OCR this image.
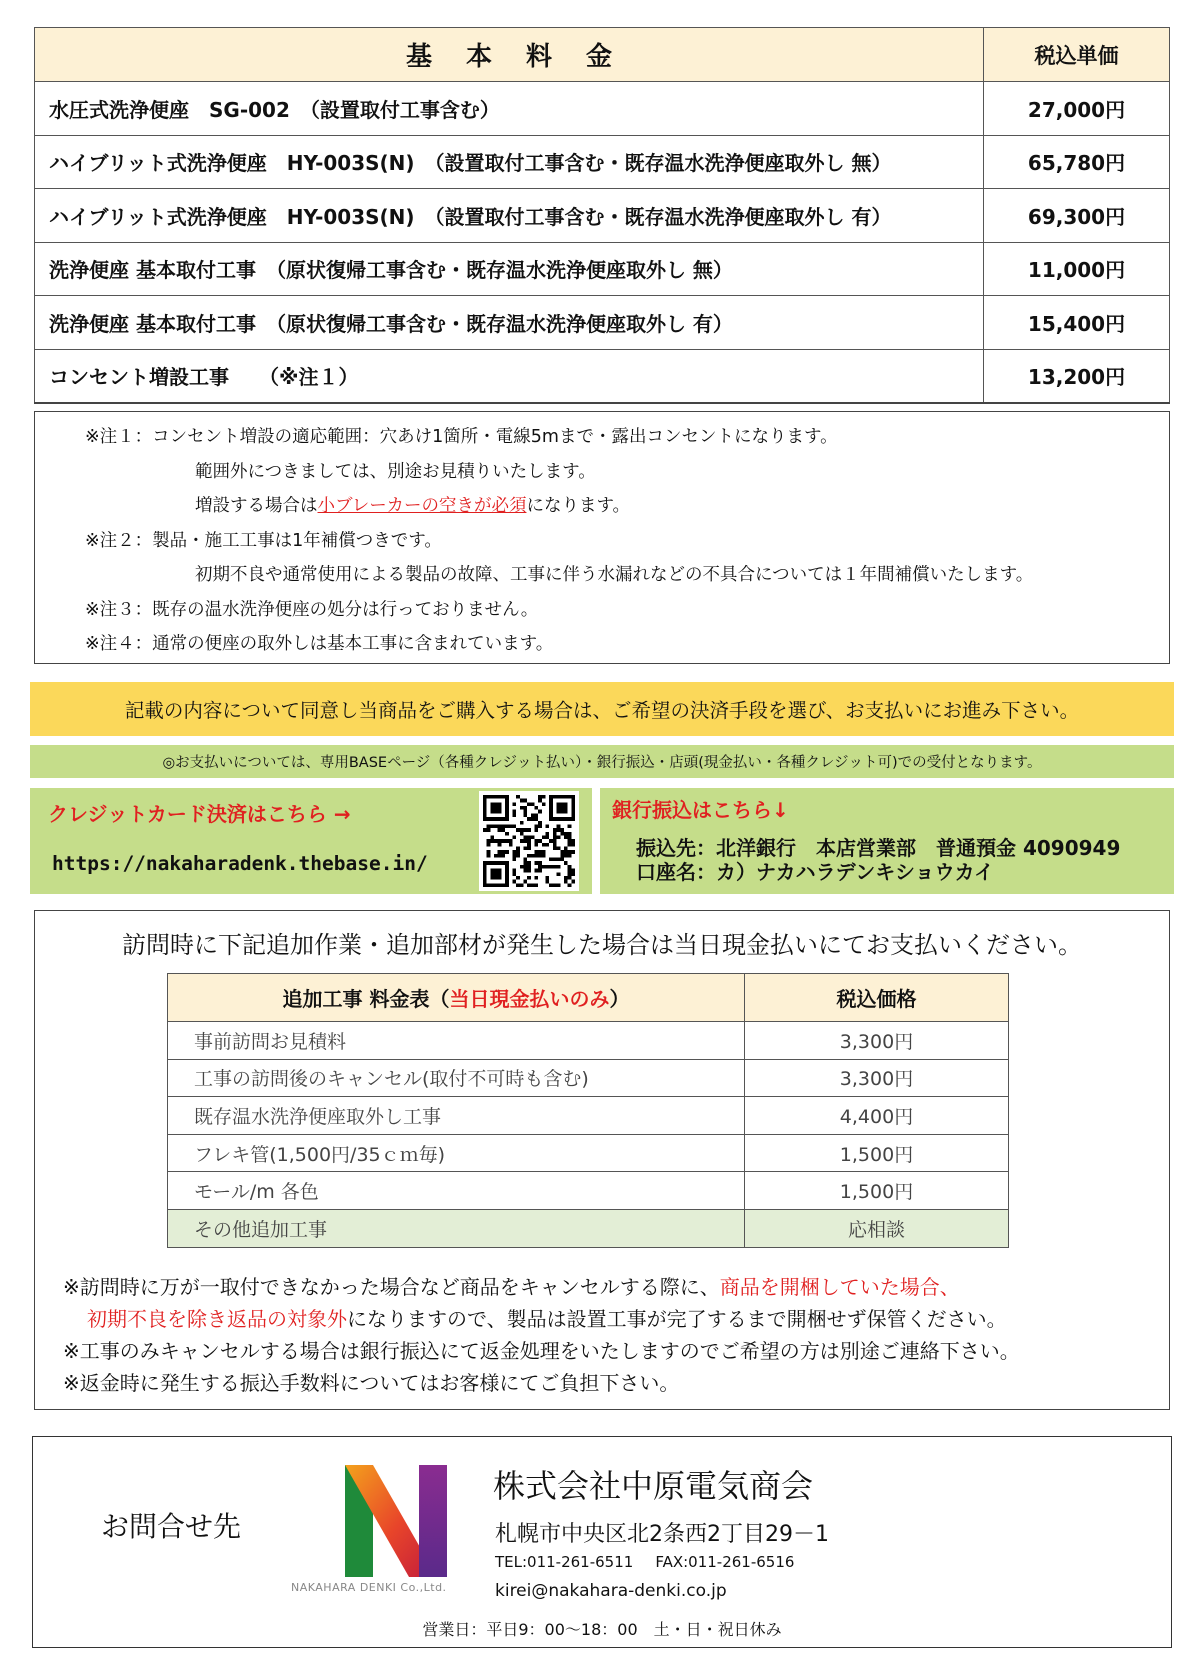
基本料金	税込単価
水圧式洗浄便座　SG-002　（設置取付工事含む）	27,000円
ハイブリット式洗浄便座　HY-003S(N)　（設置取付工事含む・既存温水洗浄便座取外し 無）	65,780円
ハイブリット式洗浄便座　HY-003S(N)　（設置取付工事含む・既存温水洗浄便座取外し 有）	69,300円
洗浄便座 基本取付工事　（原状復帰工事含む・既存温水洗浄便座取外し 無）	11,000円
洗浄便座 基本取付工事　（原状復帰工事含む・既存温水洗浄便座取外し 有）	15,400円
コンセント増設工事　　（※注１）	13,200円
※注１：コンセント増設の適応範囲：穴あけ1箇所・電線5mまで・露出コンセントになります。
範囲外につきましては、別途お見積りいたします。
増設する場合は小ブレーカーの空きが必須になります。
※注２：製品・施工工事は1年補償つきです。
初期不良や通常使用による製品の故障、工事に伴う水漏れなどの不具合については１年間補償いたします。
※注３：既存の温水洗浄便座の処分は行っておりません。
※注４：通常の便座の取外しは基本工事に含まれています。
記載の内容について同意し当商品をご購入する場合は、ご希望の決済手段を選び、お支払いにお進み下さい。
◎お支払いについては、専用BASEページ（各種クレジット払い）・銀行振込・店頭(現金払い・各種クレジット可)での受付となります。
クレジットカード決済はこちら →
https://nakaharadenk.thebase.in/
銀行振込はこちら↓
振込先：北洋銀行　本店営業部　普通預金 4090949
口座名：カ）ナカハラデンキショウカイ
訪問時に下記追加作業・追加部材が発生した場合は当日現金払いにてお支払いください。
追加工事 料金表（当日現金払いのみ）	税込価格
事前訪問お見積料	3,300円
工事の訪問後のキャンセル(取付不可時も含む)	3,300円
既存温水洗浄便座取外し工事	4,400円
フレキ管(1,500円/35ｃｍ毎)	1,500円
モール/m 各色	1,500円
その他追加工事	応相談
※訪問時に万が一取付できなかった場合など商品をキャンセルする際に、商品を開梱していた場合、
初期不良を除き返品の対象外になりますので、製品は設置工事が完了するまで開梱せず保管ください。
※工事のみキャンセルする場合は銀行振込にて返金処理をいたしますのでご希望の方は別途ご連絡下さい。
※返金時に発生する振込手数料についてはお客様にてご負担下さい。
お問合せ先
NAKAHARA DENKI Co.,Ltd.
株式会社中原電気商会
札幌市中央区北2条西2丁目29－1
TEL:011-261-6511 FAX:011-261-6516
kirei@nakahara-denki.co.jp
営業日：平日9：00〜18：00　土・日・祝日休み
